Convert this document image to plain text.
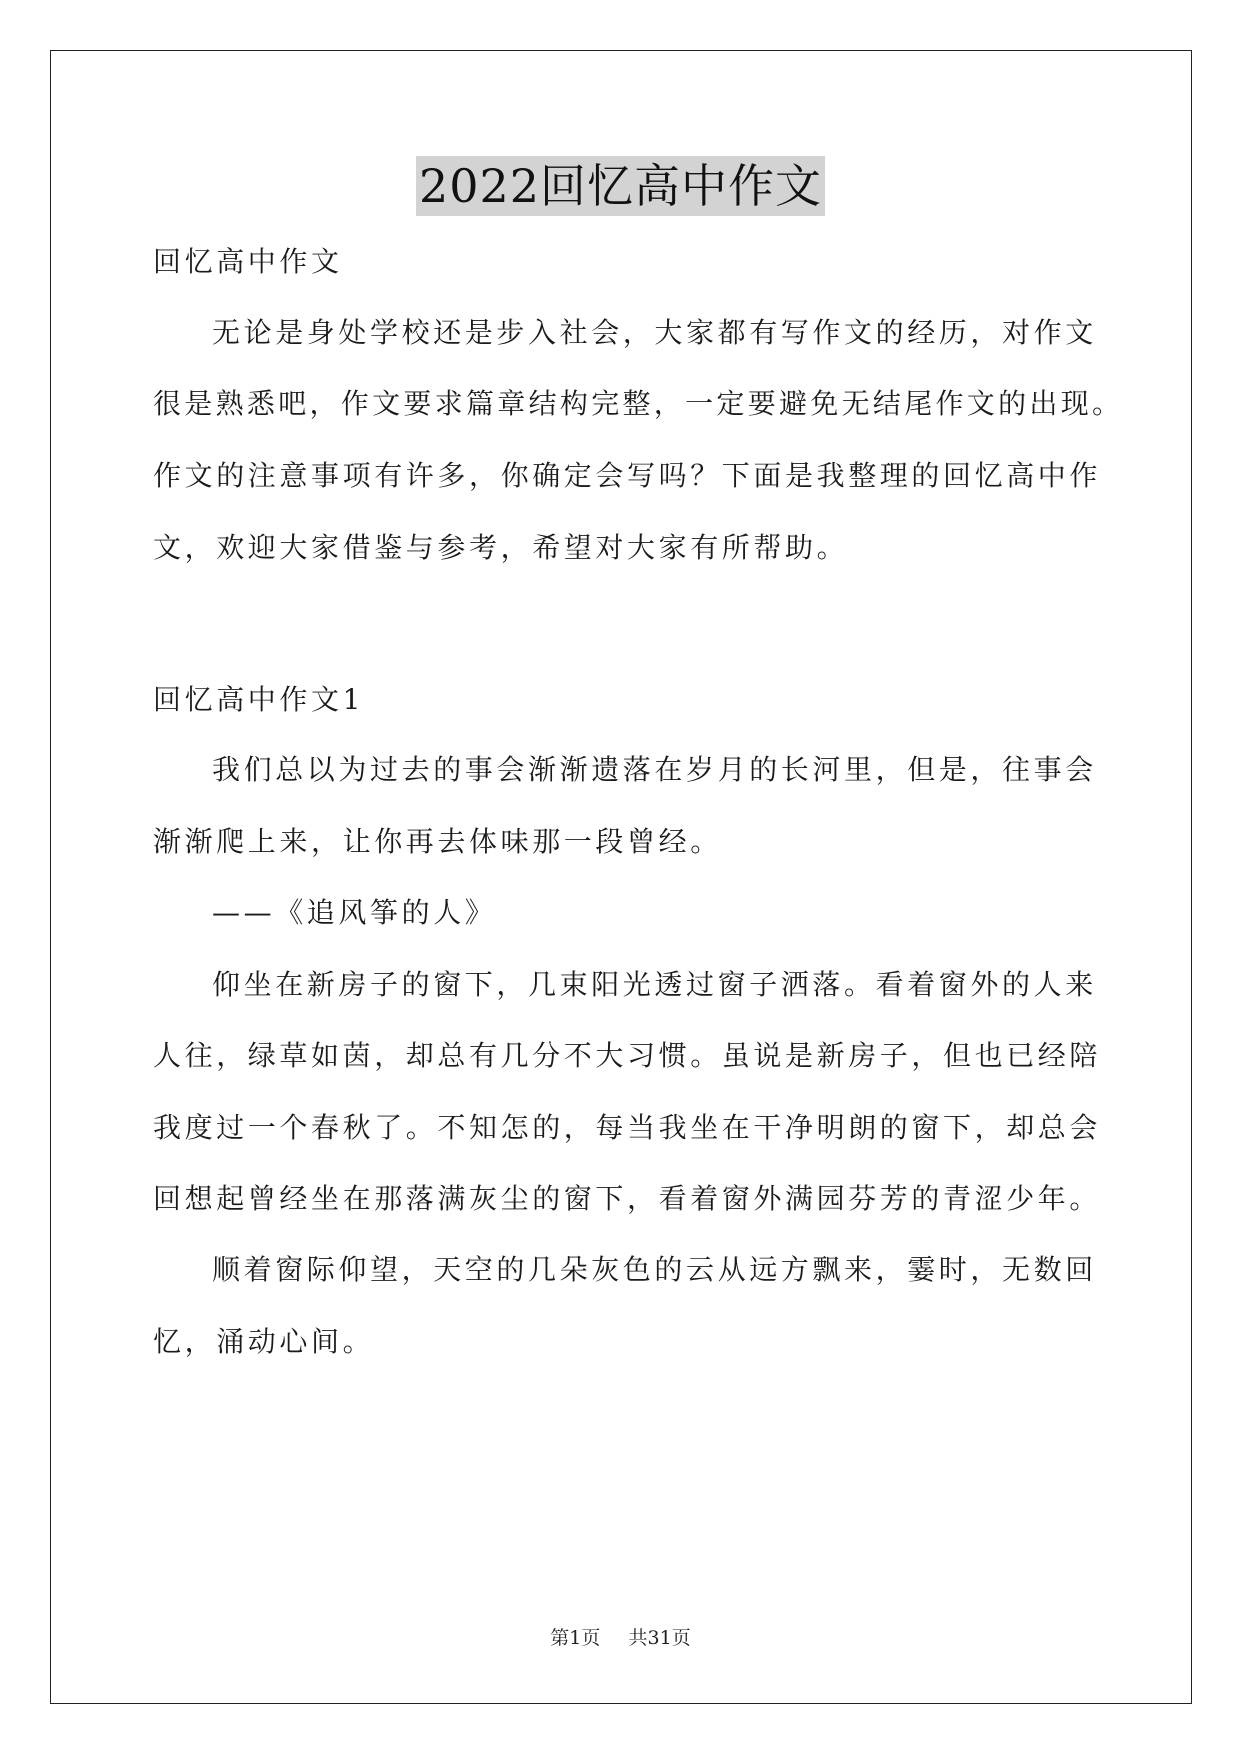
2022回忆高中作文
回忆高中作文
无论是身处学校还是步入社会，大家都有写作文的经历，对作文
很是熟悉吧，作文要求篇章结构完整，一定要避免无结尾作文的出现。
作文的注意事项有许多，你确定会写吗？下面是我整理的回忆高中作
文，欢迎大家借鉴与参考，希望对大家有所帮助。
回忆高中作文1
我们总以为过去的事会渐渐遗落在岁月的长河里，但是，往事会
渐渐爬上来，让你再去体味那一段曾经。
——《追风筝的人》
仰坐在新房子的窗下，几束阳光透过窗子洒落。看着窗外的人来
人往，绿草如茵，却总有几分不大习惯。虽说是新房子，但也已经陪
我度过一个春秋了。不知怎的，每当我坐在干净明朗的窗下，却总会
回想起曾经坐在那落满灰尘的窗下，看着窗外满园芬芳的青涩少年。
顺着窗际仰望，天空的几朵灰色的云从远方飘来，霎时，无数回
忆，涌动心间。
第1页 共31页
